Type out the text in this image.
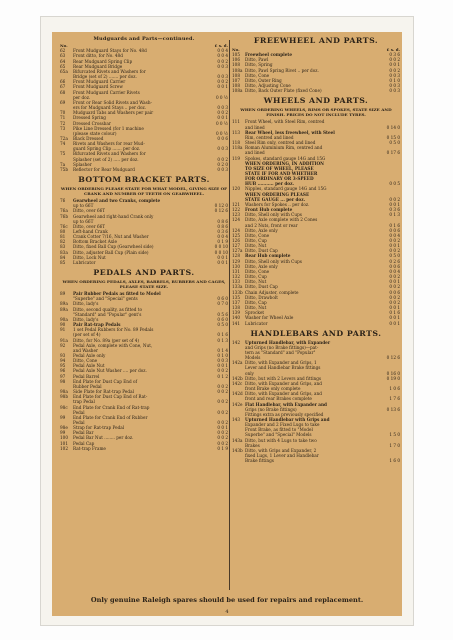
Mudguards and Parts—continued.
No.	£ s. d.
62	Front Mudguard Stays for No. 48d	0 0 4
63	Front ditto, for No. 48d	0 0 4
64	Rear Mudguard Spring Clip	0 0 2
65	Rear Mudguard Bridge	0 0 3
65a	Bifurcated Rivets and Washers for
Bridge (set of 2) ....... per doz.	0 0 3
66	Front Mudguard Carrier	0 0 2
67	Front Mudguard Screw	0 0 1
68	Front Mudguard Carrier Rivets
per doz.	0 0 ½
69	Front or Rear Solid Rivets and Wash-
ers for Mudguard Stays .. per doz.	0 0 3
70	Mudguard Tabs and Washers per pair	0 0 2
71	Dressed Spring	0 0 1
72	Dressed Crossbar	0 0 ½
73	Pike Line Dressed (for 1 machine
(please state colour)	0 0 ½
72a	Black Dressed	0 0 6
74	Rivets and Washers for rear Mud-
guard Spring Clip ....... per doz.	0 0 3
75	Bifurcated Rivets and Washers for
Splasher (set of 2) ..... per doz.	0 0 2
7a	Splasher	0 2 0
75b	Reflector for Rear Mudguard	0 0 3
BOTTOM BRACKET PARTS.
WHEN ORDERING PLEASE STATE FOR WHAT MODEL, GIVING SIZE OF CRANK AND NUMBER OF TEETH ON GEARWHEEL.
76	Gearwheel and two Cranks, complete
up to 66T	0 12 0
76a	Ditto, over 66T	0 12 6
76b	Gearwheel and right-hand Crank only
up to 66T	0 8 6
76c	Ditto, over 66T	0 8 6
80	Left-hand Crank	0 3 6
81	Crank Cotter 7/16, Nut and Washer	0 0 4
82	Bottom Bracket Axle	0 1 9
83	Ditto, fixed Ball Cup (Gearwheel side)	0 0 10
83a	Ditto, adjuster Ball Cup (Plain side)	0 0 10
84	Ditto, Lock Nut	0 0 1
85	Lubricator	0 0 1
PEDALS AND PARTS.
WHEN ORDERING PEDALS, AXLES, BARRELS, RUBBERS AND CAGES, PLEASE STATE SIZE.
89	Pair Rubber Pedals as fitted to Model
"Superbe" and "Special" gents	0 6 0
89a	Ditto, lady's	0 7 0
89a	Ditto, second quality, as fitted to
"Standard" and "Popular" gent's	0 5 6
90a	Ditto, lady's	0 6 0
90	Pair Rat-trap Pedals	0 5 0
91	1 set Pedal Rubbers for No. 89 Pedals
(per set of 4)	0 1 6
91a	Ditto, for No. 89a (per set of 4)	0 1 3
92	Pedal Axle, complete with Cone, Nut,
and Washer	0 1 4
93	Pedal Axle only	0 1 0
94	Ditto, Cone	0 0 3
95	Pedal Axle Nut	0 0 1
96	Pedal Axle Nut Washer .... per doz.	0 0 2
97	Pedal Barrel	0 1 2
98	End Plate for Dust Cap End of
Rubber Pedal	0 0 2
98a	Side Plate for Rat-trap Pedal	0 0 2
98b	End Plate for Dust Cap End of Rat-
trap Pedal	0 0 2
98c	End Plate for Crank End of Rat-trap
Pedal	0 0 2
99	End Plate for Crank End of Rubber
Pedal	0 0 2
98e	Strap for Rat-trap Pedal	0 0 1
99	Pedal Bar	0 0 2
100	Pedal Bar Nut ........ per doz.	0 0 2
101	Pedal Cap	0 0 2
102	Rat-trap Frame	0 1 9
FREEWHEEL AND PARTS.
No.	£ s. d.
105	Freewheel complete	0 3 6
106	Ditto, Pawl	0 0 2
108	Ditto, Spring	0 0 1
108a Ditto, Pawl Spring Rivet .. per doz.	0 0 2
108	Ditto, Cone	0 0 3
107	Ditto, Outer Ring	0 1 0
108	Ditto, Adjusting Cone	0 0 3
108a Ditto, Back Outer Plate (fixed Cone)	0 0 3
WHEELS AND PARTS.
WHEN ORDERING WHEELS, RIMS OR SPOKES, STATE SIZE AND FINISH. PRICES DO NOT INCLUDE TYRES.
111	Front Wheel, with Steel Rim, centred
and lined	0 14 0
113	Rear Wheel, less freewheel, with Steel
Rim, centred and lined	0 15 0
118	Steel Rim only, centred and lined	0 5 0
118a Roman Aluminium Rim, centred and
and lined	0 17 6
119	Spokes, standard gauge 14G and 15G
WHEN ORDERING, IN ADDITION
TO SIZE OF WHEEL, PLEASE
STATE IF FOR AND WHETHER
FOR ORDINARY OR 3-SPEED
HUB ........... per doz.	0 0 5
120	Nipples, standard gauge 14G and 15G
WHEN ORDERING PLEASE
STATE GAUGE ... per doz.	0 0 2
121	Washers for Spokes .. per doz.	0 0 1
122	Front Hub complete	0 3 6
123	Ditto, Shell only with Cups	0 1 3
124	Ditto, Axle complete with 2 Cones
and 2 Nuts, front or rear	0 1 6
124	Ditto, Axle only	0 0 6
125	Ditto, Cone	0 0 4
126	Ditto, Cup	0 0 2
127	Ditto, Nut	0 0 1
127a Ditto, Dust Cap	0 0 2
128	Rear Hub complete	0 5 0
129	Ditto, Shell only with Cups	0 2 6
130	Ditto, Axle only	0 0 6
131	Ditto, Cone	0 0 4
132	Ditto, Cup	0 0 2
133	Ditto, Nut	0 0 1
133a Ditto, Dust Cap	0 0 2
133b Chain Adjuster, complete	0 0 6
135	Ditto, Drawbolt	0 0 2
137	Ditto, Cap	0 0 2
138	Ditto, Nut	0 0 1
139	Sprocket	0 1 6
140	Washer for Wheel Axle	0 0 1
141	Lubricator	0 0 1
HANDLEBARS AND PARTS.
142	Upturned Handlebar, with Expander
and Grips (no Brake fittings)—pat-
tern as "Standard" and "Popular"
Models	0 12 6
142a Ditto, with Expander and Grips, 1
Lever and Handlebar Brake fittings
only	0 16 0
142b Ditto, but with 2 Levers and fittings	0 19 0
142c Ditto, with Expander and Grips, and
front Brake only complete	1 0 6
142d Ditto, with Expander and Grips, and
front and rear Brakes complete	1 7 6
142e Flat Handlebar, with Expander and
Grips (no Brake fittings)	0 13 6
Fittings extra as previously specified
143	Upturned Handlebar with Grips and
Expander and 2 Fixed Lugs to take
Front Brake, as fitted to "Model
Superbe" and "Special" Models	1 5 0
143a Ditto, but with 4 Lugs to take two
Brakes	1 7 0
143b Ditto, with Grips and Expander, 2
fixed Lugs, 1 Lever and Handlebar
Brake fittings	1 6 0
Only genuine Raleigh spares should be used for repairs and replacement.
4
